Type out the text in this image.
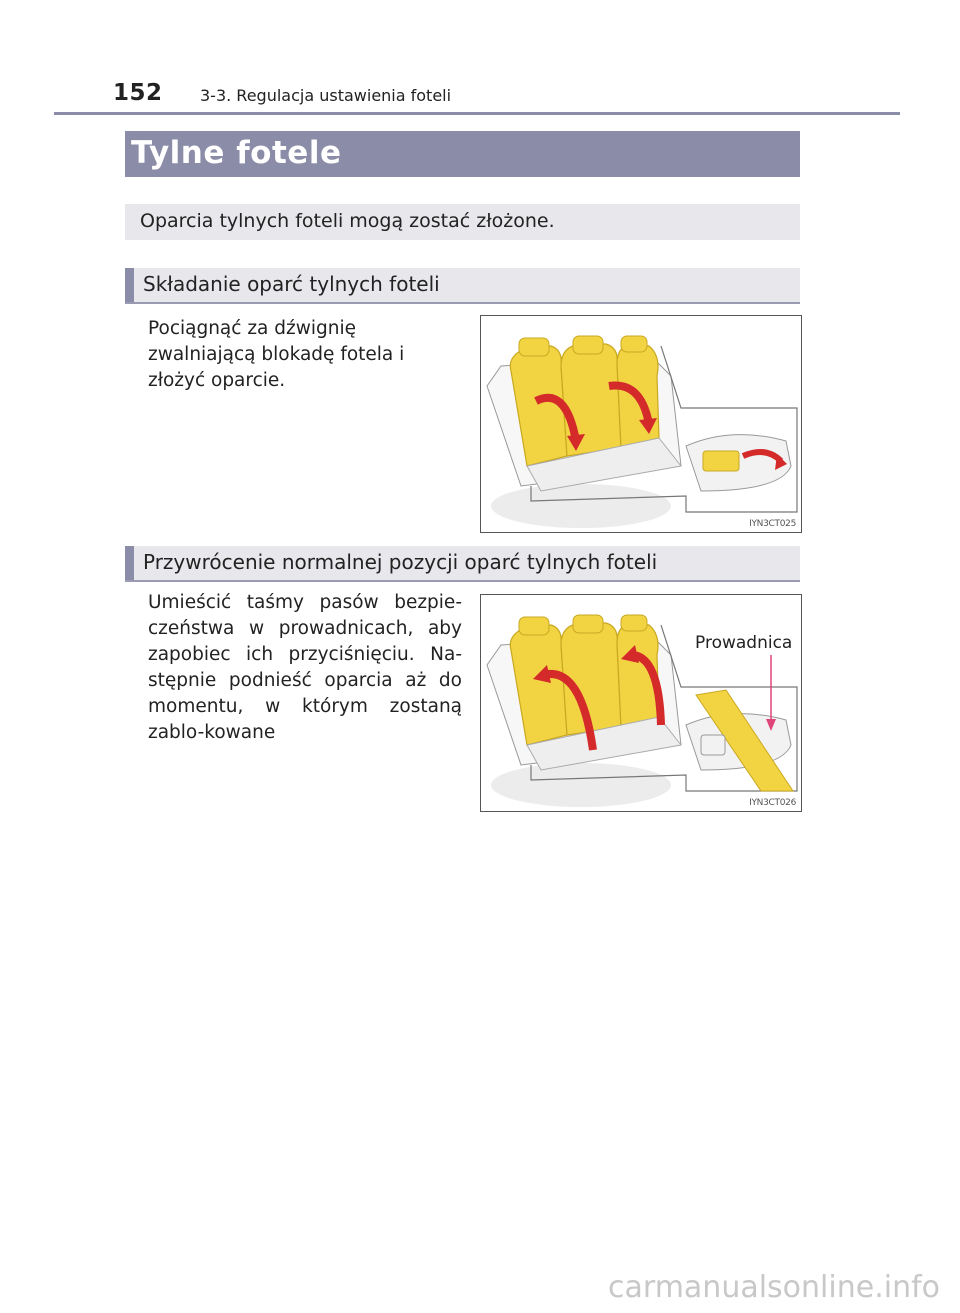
152 3-3. Regulacja ustawienia foteli
Tylne fotele
Oparcia tylnych foteli mogą zostać złożone.
Składanie oparć tylnych foteli
Pociągnąć za dźwignię zwalniającą blokadę fotela i złożyć oparcie.
IYN3CT025
Przywrócenie normalnej pozycji oparć tylnych foteli
Umieścić taśmy pasów bezpie-czeństwa w prowadnicach, aby zapobiec ich przyciśnięciu. Na-stępnie podnieść oparcia aż do momentu, w którym zostaną zablo-kowane
Prowadnica
IYN3CT026
carmanualsonline.info
